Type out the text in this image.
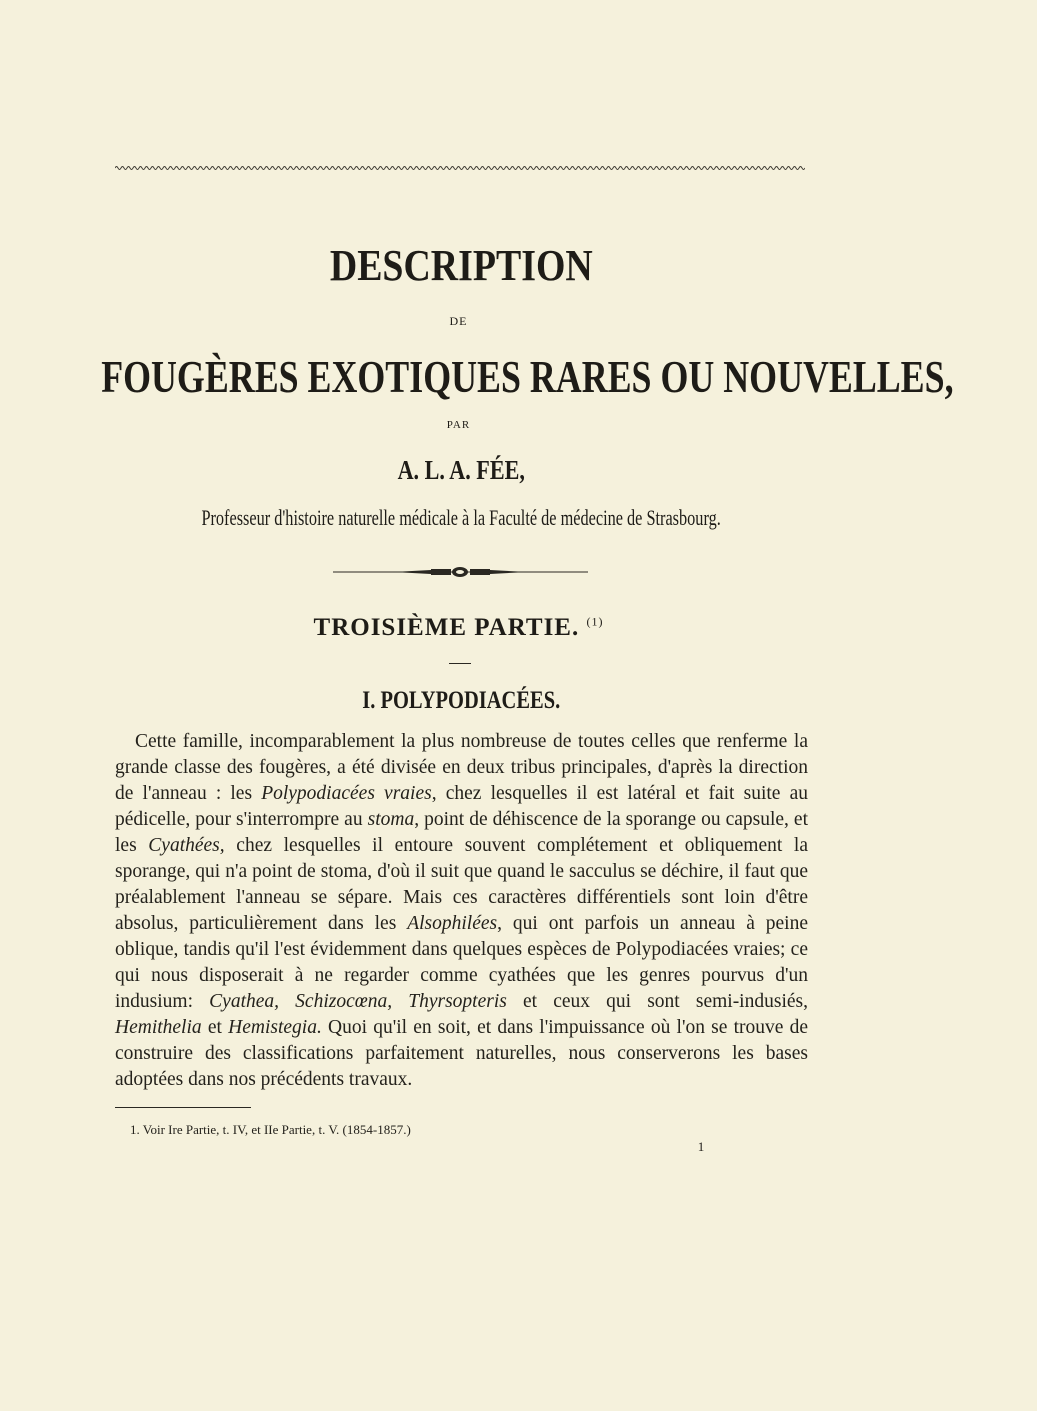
DESCRIPTION
DE
FOUGÈRES EXOTIQUES RARES OU NOUVELLES,
PAR
A. L. A. FÉE,
Professeur d'histoire naturelle médicale à la Faculté de médecine de Strasbourg.
TROISIÈME PARTIE. $^{(1)}$
I. POLYPODIACÉES.

Cette famille, incomparablement la plus nombreuse de toutes celles que renferme la grande classe des fougères, a été divisée en deux tribus principales, d'après la direction de l'anneau : les Polypodiacées vraies, chez lesquelles il est latéral et fait suite au pédicelle, pour s'interrompre au stoma, point de déhiscence de la sporange ou capsule, et les Cyathées, chez lesquelles il entoure souvent complétement et obliquement la sporange, qui n'a point de stoma, d'où il suit que quand le sacculus se déchire, il faut que préalablement l'anneau se sépare. Mais ces caractères différentiels sont loin d'être absolus, particulièrement dans les Alsophilées, qui ont parfois un anneau à peine oblique, tandis qu'il l'est évidemment dans quelques espèces de Polypodiacées vraies; ce qui nous disposerait à ne regarder comme cyathées que les genres pourvus d'un indusium: Cyathea, Schizocœna, Thyrsopteris et ceux qui sont semi-indusiés, Hemithelia et Hemistegia. Quoi qu'il en soit, et dans l'impuissance où l'on se trouve de construire des classifications parfaitement naturelles, nous conserverons les bases adoptées dans nos précédents travaux.

1. Voir Ire Partie, t. IV, et IIe Partie, t. V. (1854-1857.)
1
